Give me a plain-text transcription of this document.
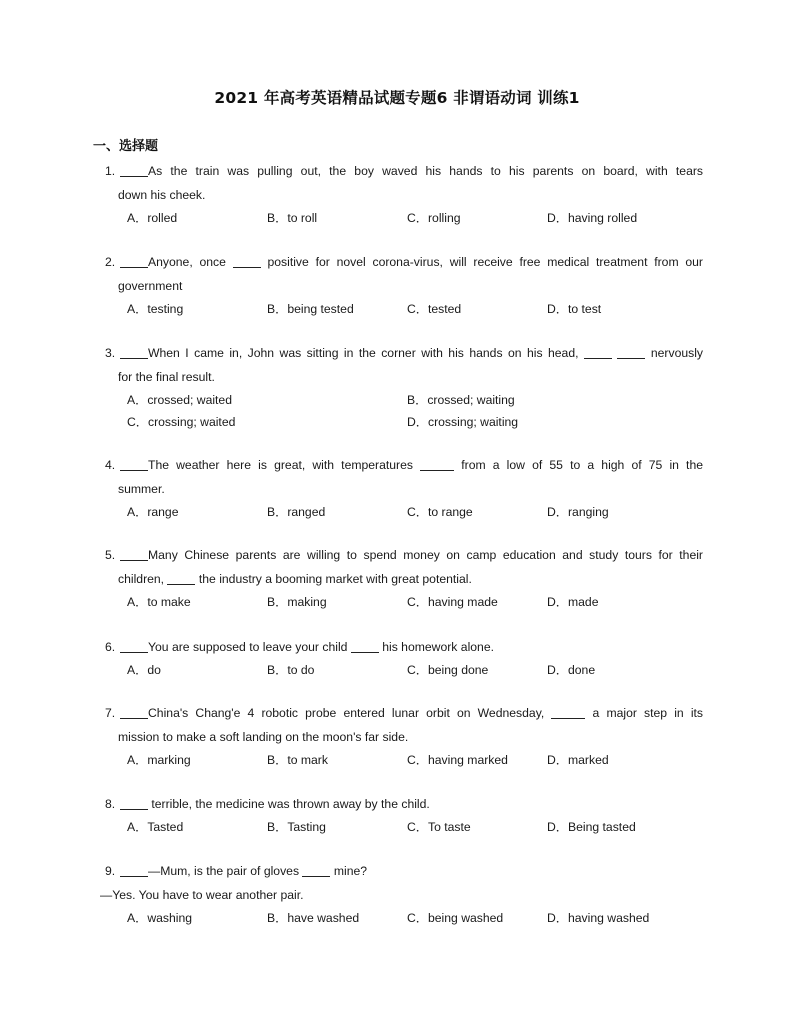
2021 年高考英语精品试题专题6 非谓语动词 训练1
一、选择题
1.	As the train was pulling out, the boy waved his hands to his parents on board, with tears
down his cheek.
A．rolled	B．to roll	C．rolling	D．having rolled
2.	Anyone, once	positive for novel corona-virus, will receive free medical treatment from our
government
A．testing	B．being tested	C．tested	D．to test
3.	When I came in, John was sitting in the corner with his hands on his head,	nervously
for the final result.
A．crossed; waited	B．crossed; waiting
C．crossing; waited	D．crossing; waiting
4.	The weather here is great, with temperatures	from a low of 55 to a high of 75 in the
summer.
A．range	B．ranged	C．to range	D．ranging
5.	Many Chinese parents are willing to spend money on camp education and study tours for their
children,	the industry a booming market with great potential.
A．to make	B．making	C．having made	D．made
6.	You are supposed to leave your child	his homework alone.
A．do	B．to do	C．being done	D．done
7.	China's Chang'e 4 robotic probe entered lunar orbit on Wednesday,	a major step in its
mission to make a soft landing on the moon's far side.
A．marking	B．to mark	C．having marked	D．marked
8.	terrible, the medicine was thrown away by the child.
A．Tasted	B．Tasting	C．To taste	D．Being tasted
9.	—Mum, is the pair of gloves	mine?
—Yes. You have to wear another pair.
A．washing	B．have washed	C．being washed	D．having washed
